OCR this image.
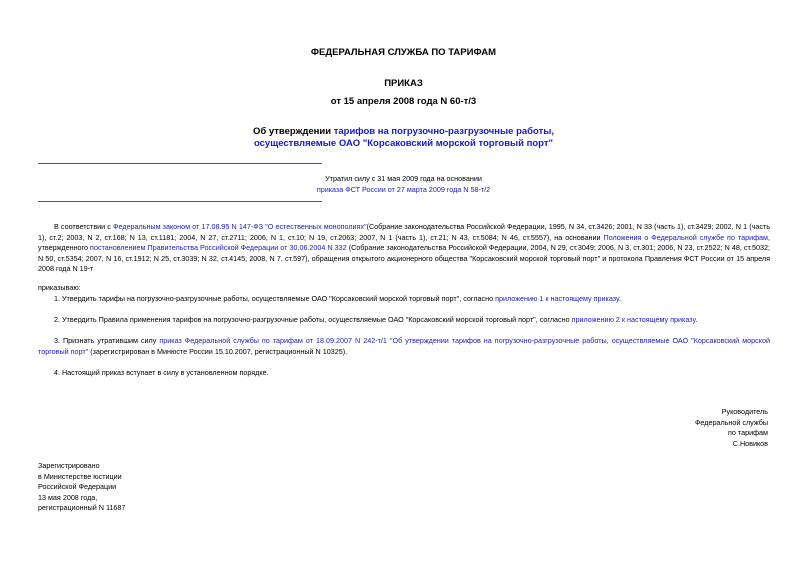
ФЕДЕРАЛЬНАЯ СЛУЖБА ПО ТАРИФАМ
ПРИКАЗ
от 15 апреля 2008 года N 60-т/3
Об утверждении тарифов на погрузочно-разгрузочные работы,
осуществляемые ОАО "Корсаковский морской торговый порт"
Утратил силу с 31 мая 2009 года на основании
приказа ФСТ России от 27 марта 2009 года N 58-т/2
В соответствии с Федеральным законом от 17.08.95 N 147-ФЗ "О естественных монополиях"(Собрание законодательства Российской Федерации, 1995, N 34, ст.3426; 2001, N 33 (часть 1), ст.3429; 2002, N 1 (часть 1), ст.2; 2003, N 2, ст.168; N 13, ст.1181; 2004, N 27, ст.2711; 2006, N 1, ст.10; N 19, ст.2063; 2007, N 1 (часть 1), ст.21; N 43, ст.5084; N 46, ст.5557), на основании Положения о Федеральной службе по тарифам, утвержденного постановлением Правительства Российской Федерации от 30.06.2004 N 332 (Собрание законодательства Российской Федерации, 2004, N 29, ст.3049; 2006, N 3, ст.301; 2006, N 23, ст.2522; N 48, ст.5032; N 50, ст.5354; 2007, N 16, ст.1912; N 25, ст.3039; N 32, ст.4145; 2008, N 7, ст.597), обращения открытого акционерного общества "Корсаковский морской торговый порт" и протокола Правления ФСТ России от 15 апреля 2008 года N 19-т
приказываю:
1. Утвердить тарифы на погрузочно-разгрузочные работы, осуществляемые ОАО "Корсаковский морской торговый порт", согласно приложению 1 к настоящему приказу.
2. Утвердить Правила применения тарифов на погрузочно-разгрузочные работы, осуществляемые ОАО "Корсаковский морской торговый порт", согласно приложению 2 к настоящему приказу.
3. Признать утратившим силу приказ Федеральной службы по тарифам от 18.09.2007 N 242-т/1 "Об утверждении тарифов на погрузочно-разгрузочные работы, осуществляемые ОАО "Корсаковский морской торговый порт" (зарегистрирован в Минюсте России 15.10.2007, регистрационный N 10325).
4. Настоящий приказ вступает в силу в установленном порядке.
Руководитель
Федеральной службы
по тарифам
С.Новиков
Зарегистрировано
в Министерстве юстиции
Российской Федерации
13 мая 2008 года,
регистрационный N 11687
